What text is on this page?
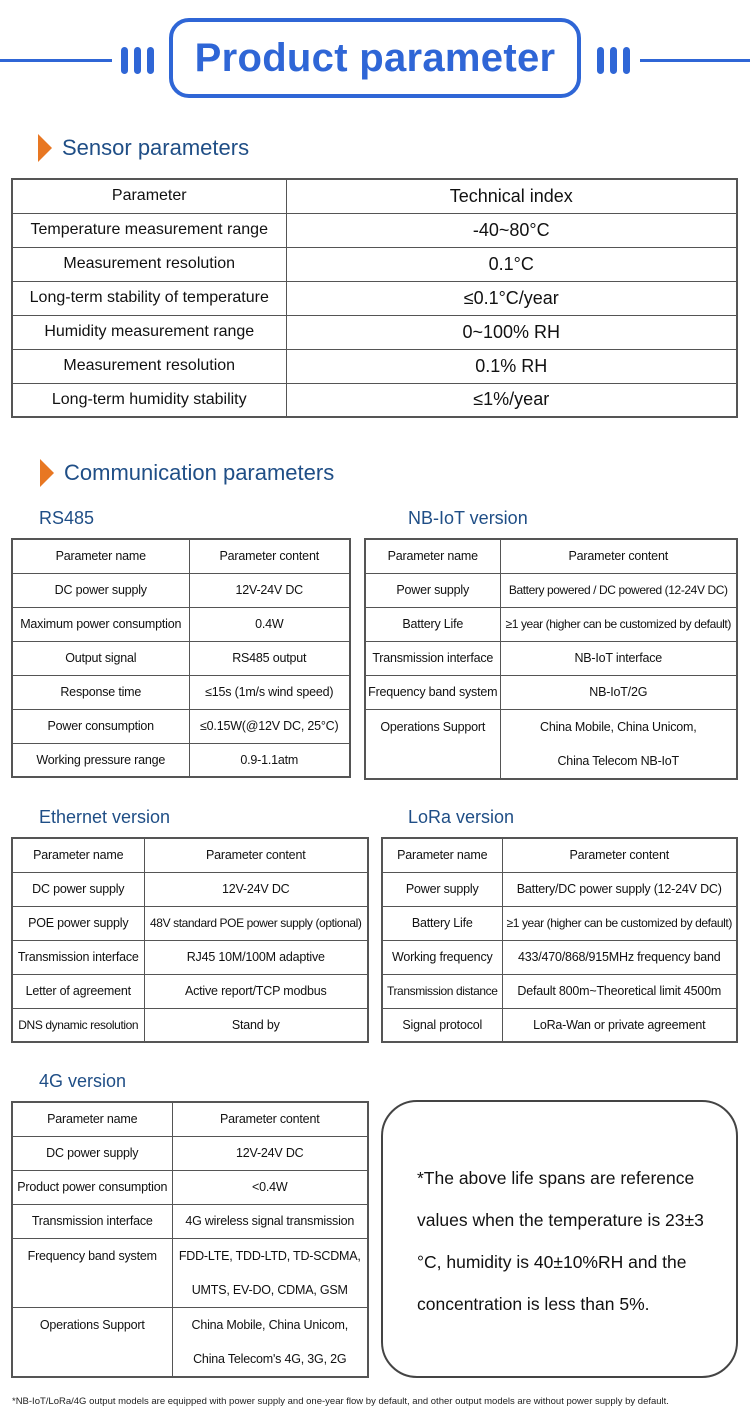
Product parameter
Sensor parameters
Parameter	Technical index
Temperature measurement range	-40~80°C
Measurement resolution	0.1°C
Long-term stability of temperature	≤0.1°C/year
Humidity measurement range	0~100% RH
Measurement resolution	0.1% RH
Long-term humidity stability	≤1%/year
Communication parameters
RS485
Parameter name	Parameter content
DC power supply	12V-24V DC
Maximum power consumption	0.4W
Output signal	RS485 output
Response time	≤15s (1m/s wind speed)
Power consumption	≤0.15W(@12V DC, 25°C)
Working pressure range	0.9-1.1atm
NB-IoT version
Parameter name	Parameter content
Power supply	Battery powered / DC powered (12-24V DC)
Battery Life	≥1 year (higher can be customized by default)
Transmission interface	NB-IoT interface
Frequency band system	NB-IoT/2G
Operations Support	China Mobile, China Unicom,
China Telecom NB-IoT
Ethernet version
Parameter name	Parameter content
DC power supply	12V-24V DC
POE power supply	48V standard POE power supply (optional)
Transmission interface	RJ45 10M/100M adaptive
Letter of agreement	Active report/TCP modbus
DNS dynamic resolution	Stand by
LoRa version
Parameter name	Parameter content
Power supply	Battery/DC power supply (12-24V DC)
Battery Life	≥1 year (higher can be customized by default)
Working frequency	433/470/868/915MHz frequency band
Transmission distance	Default 800m~Theoretical limit 4500m
Signal protocol	LoRa-Wan or private agreement
4G version
Parameter name	Parameter content
DC power supply	12V-24V DC
Product power consumption	<0.4W
Transmission interface	4G wireless signal transmission
Frequency band system	FDD-LTE, TDD-LTD, TD-SCDMA,
UMTS, EV-DO, CDMA, GSM

Operations Support	China Mobile, China Unicom,
China Telecom's 4G, 3G, 2G
*The above life spans are reference
values when the temperature is 23±3
°C, humidity is 40±10%RH and the
concentration is less than 5%.
*NB-IoT/LoRa/4G output models are equipped with power supply and one-year flow by default, and other output models are without power supply by default.
